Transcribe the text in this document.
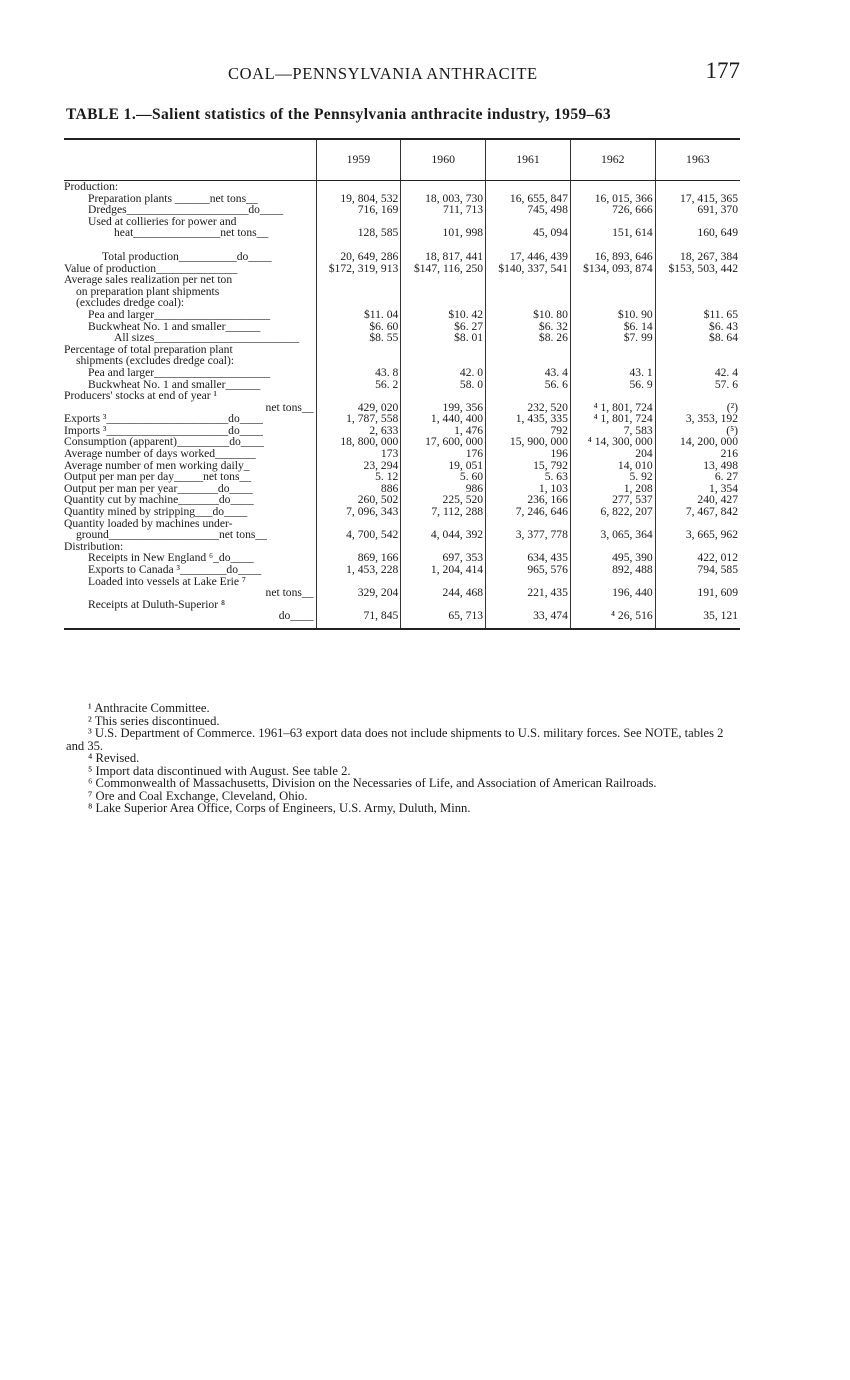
COAL—PENNSYLVANIA ANTHRACITE	177
TABLE 1.—Salient statistics of the Pennsylvania anthracite industry, 1959–63
	1959	1960	1961	1962	1963
Production:					
Preparation plants ______net tons__	19, 804, 532	18, 003, 730	16, 655, 847	16, 015, 366	17, 415, 365
Dredges_____________________do____	716, 169	711, 713	745, 498	726, 666	691, 370
Used at collieries for power and					
heat_______________net tons__	128, 585	101, 998	45, 094	151, 614	160, 649

Total production__________do____	20, 649, 286	18, 817, 441	17, 446, 439	16, 893, 646	18, 267, 384
Value of production______________	$172, 319, 913	$147, 116, 250	$140, 337, 541	$134, 093, 874	$153, 503, 442
Average sales realization per net ton					
on preparation plant shipments					
(excludes dredge coal):					
Pea and larger____________________	$11. 04	$10. 42	$10. 80	$10. 90	$11. 65
Buckwheat No. 1 and smaller______	$6. 60	$6. 27	$6. 32	$6. 14	$6. 43
All sizes_________________________	$8. 55	$8. 01	$8. 26	$7. 99	$8. 64
Percentage of total preparation plant					
shipments (excludes dredge coal):					
Pea and larger____________________	43. 8	42. 0	43. 4	43. 1	42. 4
Buckwheat No. 1 and smaller______	56. 2	58. 0	56. 6	56. 9	57. 6
Producers' stocks at end of year ¹					

net tons__	429, 020	199, 356	232, 520	⁴ 1, 801, 724	(²)
Exports ³_____________________do____	1, 787, 558	1, 440, 400	1, 435, 335	⁴ 1, 801, 724	3, 353, 192
Imports ³_____________________do____	2, 633	1, 476	792	7, 583	(⁵)
Consumption (apparent)_________do____	18, 800, 000	17, 600, 000	15, 900, 000	⁴ 14, 300, 000	14, 200, 000
Average number of days worked_______	173	176	196	204	216
Average number of men working daily_	23, 294	19, 051	15, 792	14, 010	13, 498
Output per man per day_____net tons__	5. 12	5. 60	5. 63	5. 92	6. 27
Output per man per year_______do____	886	986	1, 103	1, 208	1, 354
Quantity cut by machine_______do____	260, 502	225, 520	236, 166	277, 537	240, 427
Quantity mined by stripping___do____	7, 096, 343	7, 112, 288	7, 246, 646	6, 822, 207	7, 467, 842
Quantity loaded by machines under-					
ground___________________net tons__	4, 700, 542	4, 044, 392	3, 377, 778	3, 065, 364	3, 665, 962
Distribution:					
Receipts in New England ⁶_do____	869, 166	697, 353	634, 435	495, 390	422, 012
Exports to Canada ³________do____	1, 453, 228	1, 204, 414	965, 576	892, 488	794, 585
Loaded into vessels at Lake Erie ⁷					

net tons__	329, 204	244, 468	221, 435	196, 440	191, 609
Receipts at Duluth-Superior ⁸					

do____	71, 845	65, 713	33, 474	⁴ 26, 516	35, 121

¹ Anthracite Committee.

² This series discontinued.

³ U.S. Department of Commerce. 1961–63 export data does not include shipments to U.S. military forces. See NOTE, tables 2 and 35.

⁴ Revised.

⁵ Import data discontinued with August. See table 2.

⁶ Commonwealth of Massachusetts, Division on the Necessaries of Life, and Association of American Railroads.

⁷ Ore and Coal Exchange, Cleveland, Ohio.

⁸ Lake Superior Area Office, Corps of Engineers, U.S. Army, Duluth, Minn.
